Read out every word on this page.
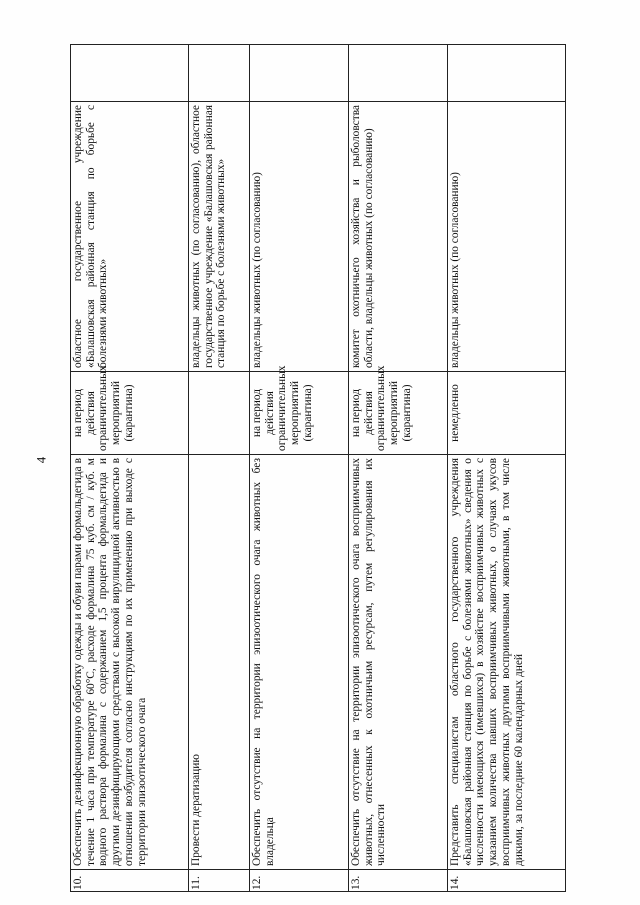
4
10.	Обеспечить дезинфекционную обработку одежды и обуви парами формальдегида в течение 1 часа при температуре 60°С, расходе формалина 75 куб. см / куб. м водного раствора формалина с содержанием 1,5 процента формальдегида и другими дезинфицирующими средствами с высокой вирулицидной активностью в отношении возбудителя согласно инструкциям по их применению при выходе с территории эпизоотического очага	на период действия ограничительных мероприятий (карантина)	областное государственное учреждение «Балашовская районная станция по борьбе с болезнями животных»	
11.	Провести дератизацию		владельцы животных (по согласованию), областное государственное учреждение «Балашовская районная станция по борьбе с болезнями животных»	
12.	Обеспечить отсутствие на территории эпизоотического очага животных без владельца	на период действия ограничительных мероприятий (карантина)	владельцы животных (по согласованию)	
13.	Обеспечить отсутствие на территории эпизоотического очага восприимчивых животных, отнесенных к охотничьим ресурсам, путем регулирования их численности	на период действия ограничительных мероприятий (карантина)	комитет охотничьего хозяйства и рыболовства области, владельцы животных (по согласованию)	
14.	Представить специалистам областного государственного учреждения «Балашовская районная станция по борьбе с болезнями животных» сведения о численности имеющихся (имевшихся) в хозяйстве восприимчивых животных с указанием количества павших восприимчивых животных, о случаях укусов восприимчивых животных другими восприимчивыми животными, в том числе дикими, за последние 60 календарных дней	немедленно	владельцы животных (по согласованию)	
